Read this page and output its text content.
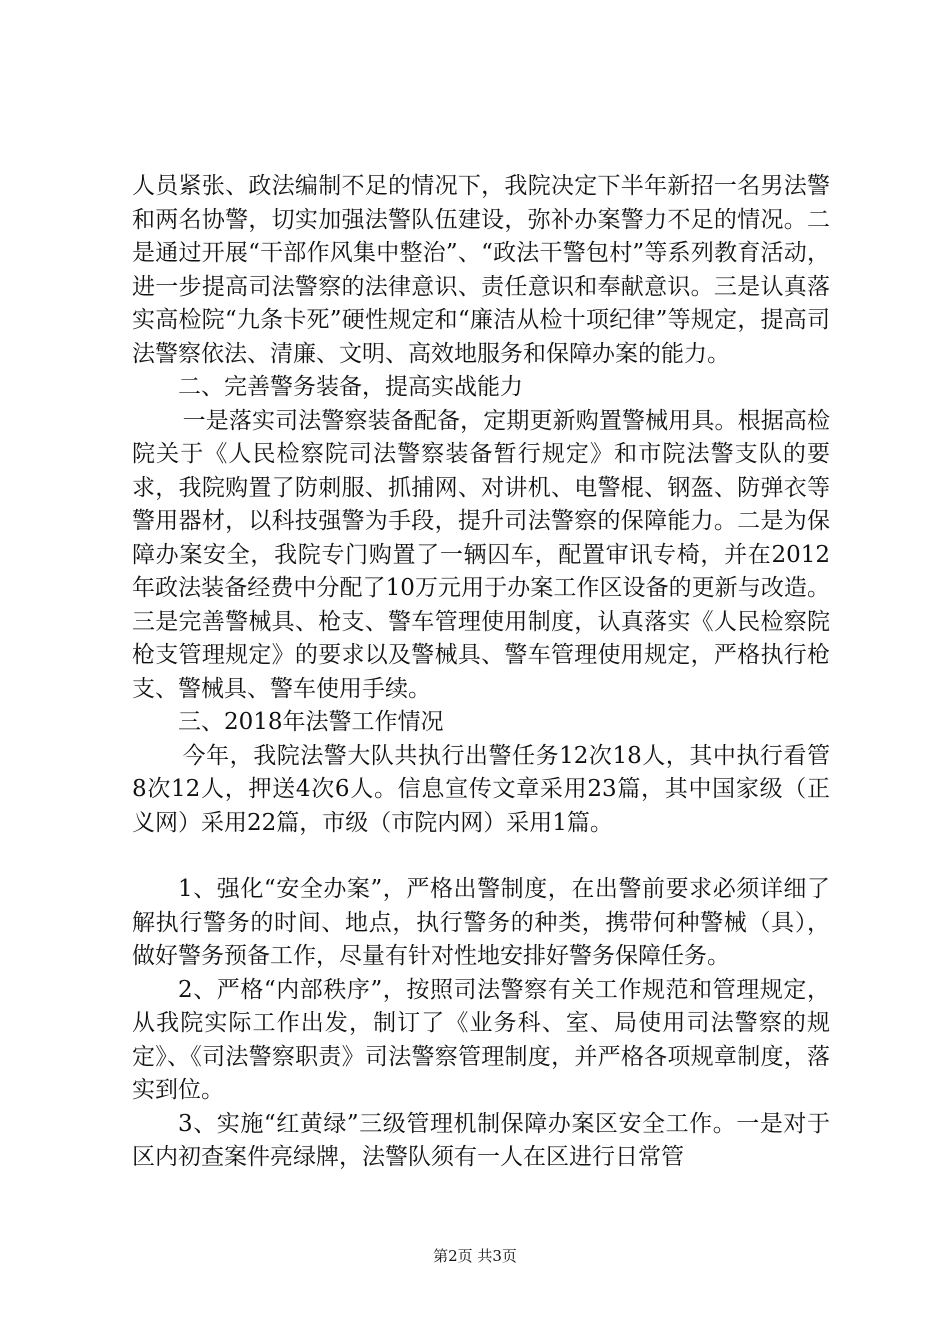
人员紧张、政法编制不足的情况下，我院决定下半年新招一名男法警和两名协警，切实加强法警队伍建设，弥补办案警力不足的情况。二是通过开展“干部作风集中整治”、“政法干警包村”等系列教育活动，进一步提高司法警察的法律意识、责任意识和奉献意识。三是认真落实高检院“九条卡死”硬性规定和“廉洁从检十项纪律”等规定，提高司法警察依法、清廉、文明、高效地服务和保障办案的能力。

二、完善警务装备，提高实战能力

一是落实司法警察装备配备，定期更新购置警械用具。根据高检院关于《人民检察院司法警察装备暂行规定》和市院法警支队的要求，我院购置了防刺服、抓捕网、对讲机、电警棍、钢盔、防弹衣等警用器材，以科技强警为手段，提升司法警察的保障能力。二是为保障办案安全，我院专门购置了一辆囚车，配置审讯专椅，并在2012年政法装备经费中分配了10万元用于办案工作区设备的更新与改造。三是完善警械具、枪支、警车管理使用制度，认真落实《人民检察院枪支管理规定》的要求以及警械具、警车管理使用规定，严格执行枪支、警械具、警车使用手续。

三、2018年法警工作情况

今年，我院法警大队共执行出警任务12次18人，其中执行看管8次12人，押送4次6人。信息宣传文章采用23篇，其中国家级（正义网）采用22篇，市级（市院内网）采用1篇。

1、强化“安全办案”，严格出警制度，在出警前要求必须详细了解执行警务的时间、地点，执行警务的种类，携带何种警械（具），做好警务预备工作，尽量有针对性地安排好警务保障任务。

2、严格“内部秩序”，按照司法警察有关工作规范和管理规定，从我院实际工作出发，制订了《业务科、室、局使用司法警察的规定》、《司法警察职责》司法警察管理制度，并严格各项规章制度，落实到位。

3、实施“红黄绿”三级管理机制保障办案区安全工作。一是对于区内初查案件亮绿牌，法警队须有一人在区进行日常管

第2页 共3页
